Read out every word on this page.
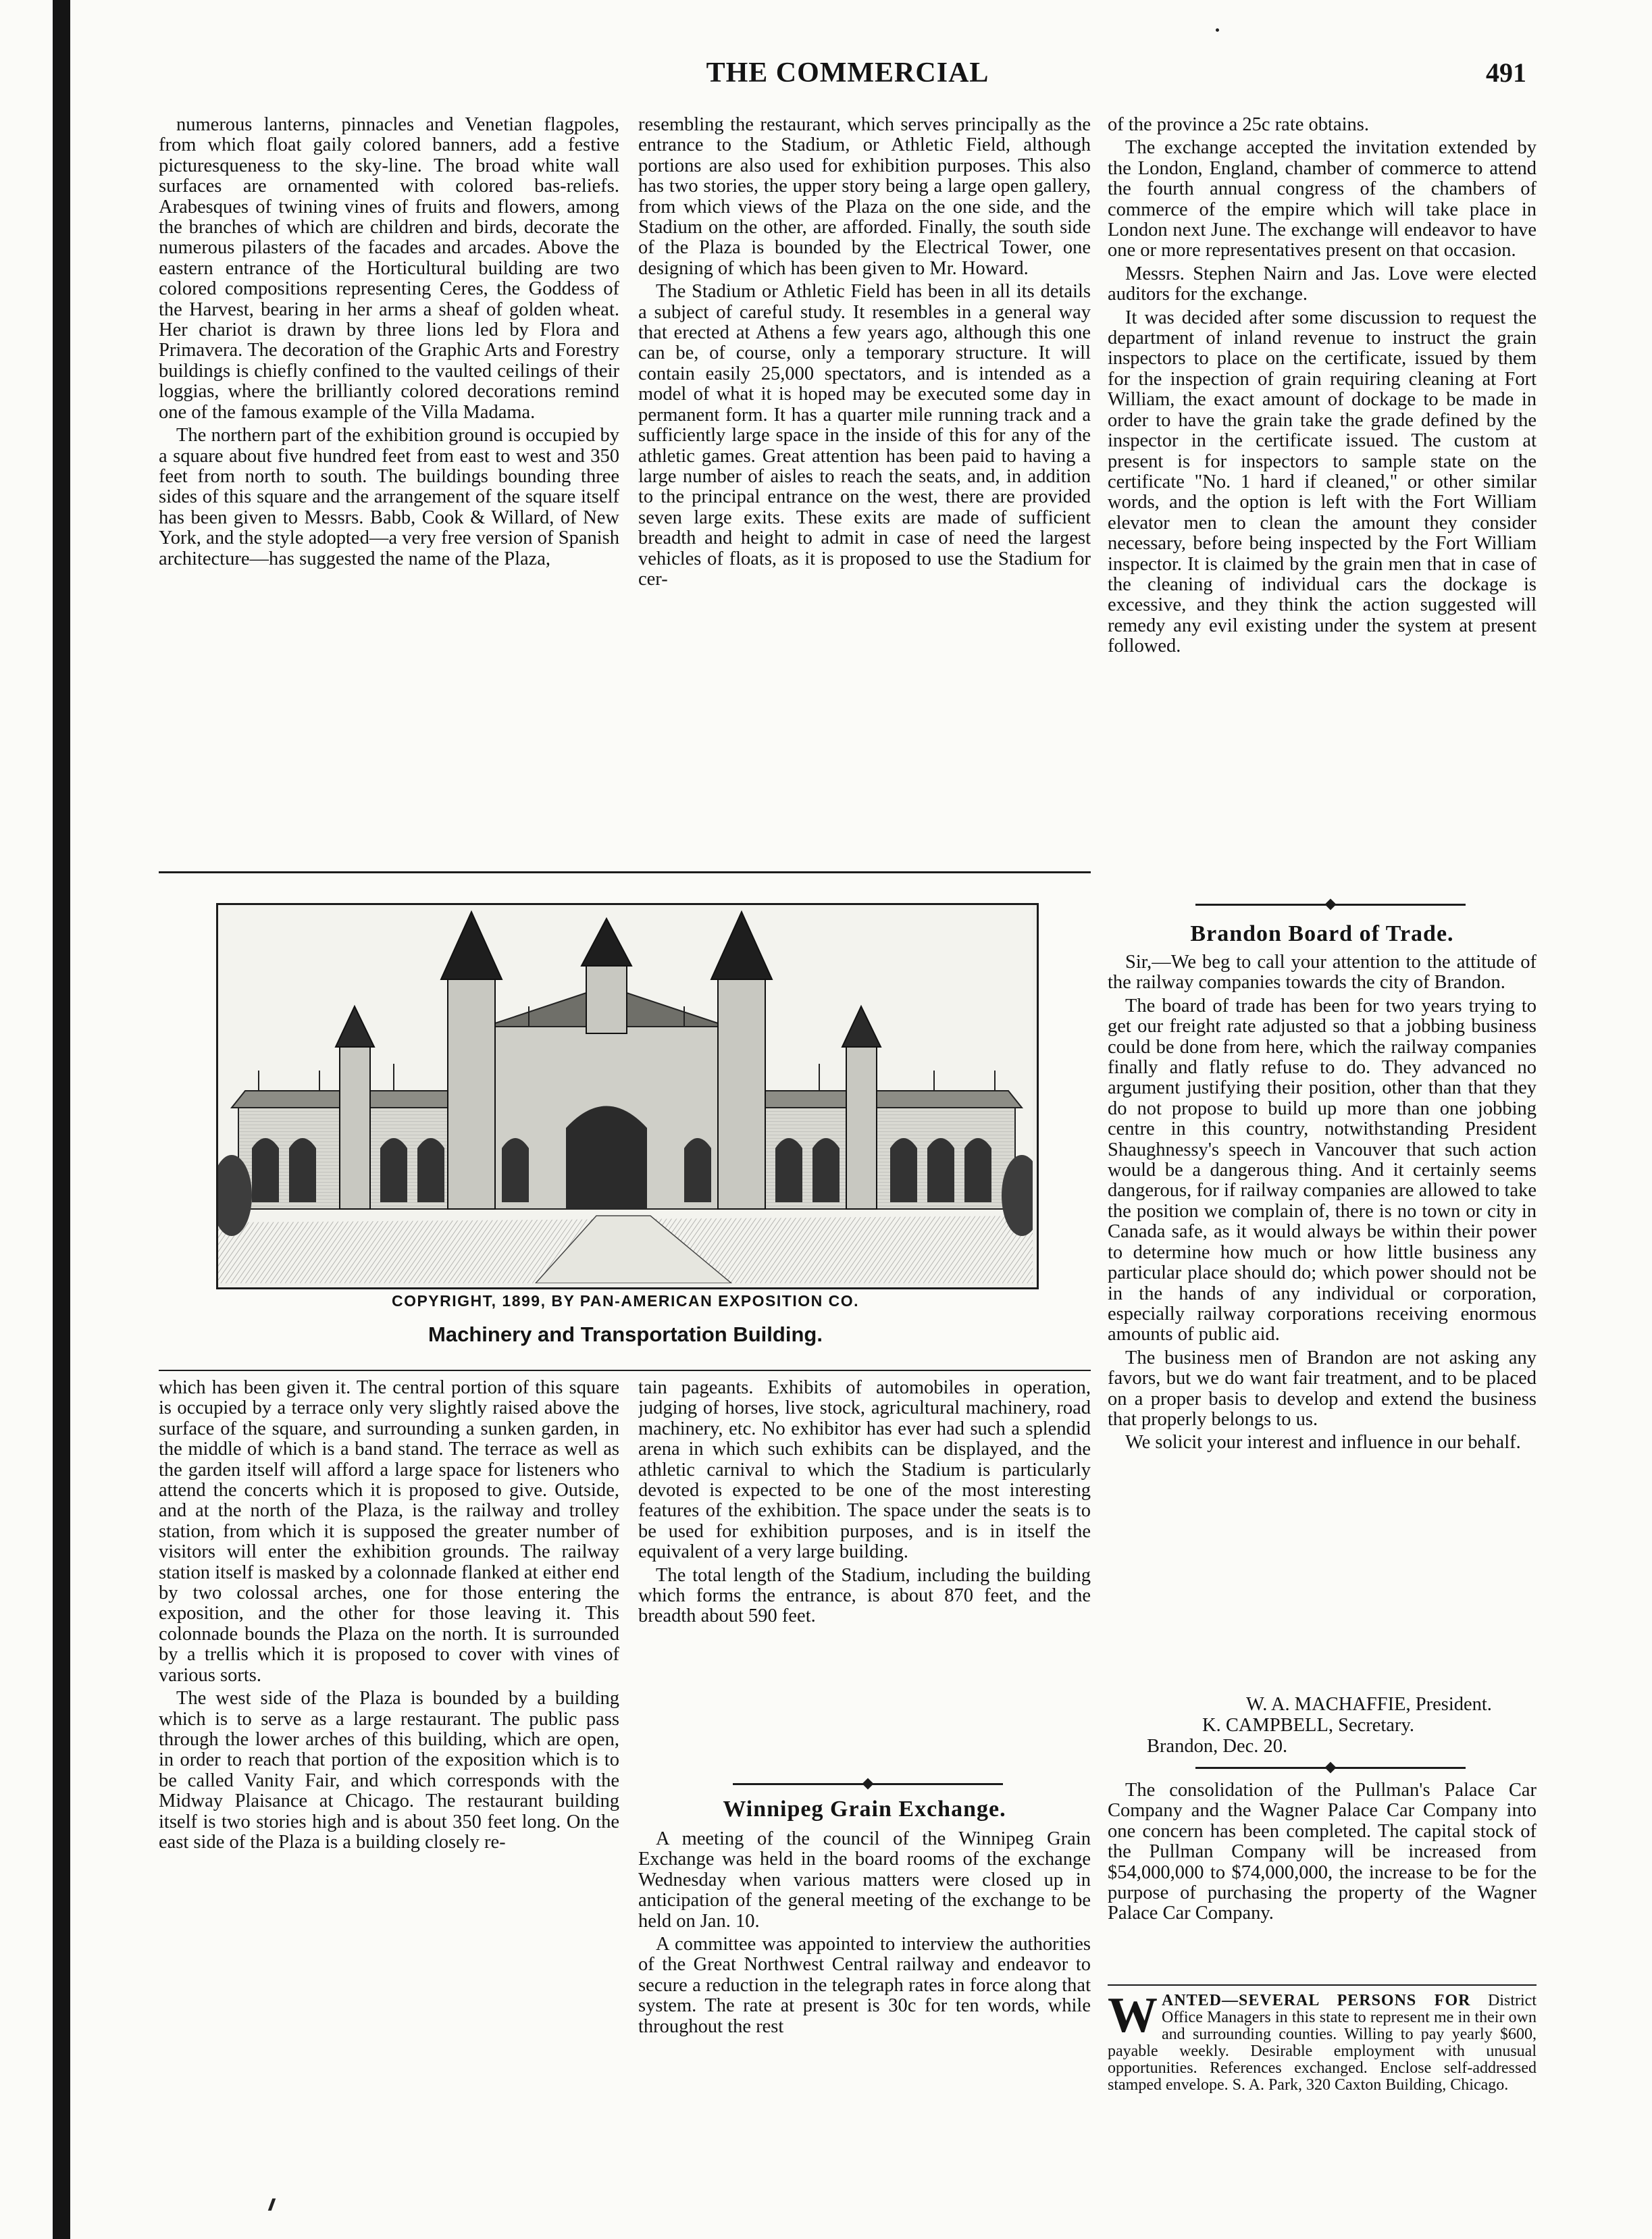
THE COMMERCIAL	491

numerous lanterns, pinnacles and Venetian flagpoles, from which float gaily colored banners, add a festive picturesqueness to the sky-line. The broad white wall surfaces are ornamented with colored bas-reliefs. Arabesques of twining vines of fruits and flowers, among the branches of which are children and birds, decorate the numerous pilasters of the facades and arcades. Above the eastern entrance of the Horticultural building are two colored compositions representing Ceres, the Goddess of the Harvest, bearing in her arms a sheaf of golden wheat. Her chariot is drawn by three lions led by Flora and Primavera. The decoration of the Graphic Arts and Forestry buildings is chiefly confined to the vaulted ceilings of their loggias, where the brilliantly colored decorations remind one of the famous example of the Villa Madama.

The northern part of the exhibition ground is occupied by a square about five hundred feet from east to west and 350 feet from north to south. The buildings bounding three sides of this square and the arrangement of the square itself has been given to Messrs. Babb, Cook & Willard, of New York, and the style adopted—a very free version of Spanish architecture—has suggested the name of the Plaza,

resembling the restaurant, which serves principally as the entrance to the Stadium, or Athletic Field, although portions are also used for exhibition purposes. This also has two stories, the upper story being a large open gallery, from which views of the Plaza on the one side, and the Stadium on the other, are afforded. Finally, the south side of the Plaza is bounded by the Electrical Tower, one designing of which has been given to Mr. Howard.

The Stadium or Athletic Field has been in all its details a subject of careful study. It resembles in a general way that erected at Athens a few years ago, although this one can be, of course, only a temporary structure. It will contain easily 25,000 spectators, and is intended as a model of what it is hoped may be executed some day in permanent form. It has a quarter mile running track and a sufficiently large space in the inside of this for any of the athletic games. Great attention has been paid to having a large number of aisles to reach the seats, and, in addition to the principal entrance on the west, there are provided seven large exits. These exits are made of sufficient breadth and height to admit in case of need the largest vehicles of floats, as it is proposed to use the Stadium for cer-

of the province a 25c rate obtains.

The exchange accepted the invitation extended by the London, England, chamber of commerce to attend the fourth annual congress of the chambers of commerce of the empire which will take place in London next June. The exchange will endeavor to have one or more representatives present on that occasion.

Messrs. Stephen Nairn and Jas. Love were elected auditors for the exchange.

It was decided after some discussion to request the department of inland revenue to instruct the grain inspectors to place on the certificate, issued by them for the inspection of grain requiring cleaning at Fort William, the exact amount of dockage to be made in order to have the grain take the grade defined by the inspector in the certificate issued. The custom at present is for inspectors to sample state on the certificate "No. 1 hard if cleaned," or other similar words, and the option is left with the Fort William elevator men to clean the amount they consider necessary, before being inspected by the Fort William inspector. It is claimed by the grain men that in case of the cleaning of individual cars the dockage is excessive, and they think the action suggested will remedy any evil existing under the system at present followed.

COPYRIGHT, 1899, BY PAN-AMERICAN EXPOSITION CO.
Machinery and Transportation Building.
Brandon Board of Trade.

Sir,—We beg to call your attention to the attitude of the railway companies towards the city of Brandon.

The board of trade has been for two years trying to get our freight rate adjusted so that a jobbing business could be done from here, which the railway companies finally and flatly refuse to do. They advanced no argument justifying their position, other than that they do not propose to build up more than one jobbing centre in this country, notwithstanding President Shaughnessy's speech in Vancouver that such action would be a dangerous thing. And it certainly seems dangerous, for if railway companies are allowed to take the position we complain of, there is no town or city in Canada safe, as it would always be within their power to determine how much or how little business any particular place should do; which power should not be in the hands of any individual or corporation, especially railway corporations receiving enormous amounts of public aid.

The business men of Brandon are not asking any favors, but we do want fair treatment, and to be placed on a proper basis to develop and extend the business that properly belongs to us.

We solicit your interest and influence in our behalf.

W. A. MACHAFFIE, President.
K. CAMPBELL, Secretary.
Brandon, Dec. 20.

which has been given it. The central portion of this square is occupied by a terrace only very slightly raised above the surface of the square, and surrounding a sunken garden, in the middle of which is a band stand. The terrace as well as the garden itself will afford a large space for listeners who attend the concerts which it is proposed to give. Outside, and at the north of the Plaza, is the railway and trolley station, from which it is supposed the greater number of visitors will enter the exhibition grounds. The railway station itself is masked by a colonnade flanked at either end by two colossal arches, one for those entering the exposition, and the other for those leaving it. This colonnade bounds the Plaza on the north. It is surrounded by a trellis which it is proposed to cover with vines of various sorts.

The west side of the Plaza is bounded by a building which is to serve as a large restaurant. The public pass through the lower arches of this building, which are open, in order to reach that portion of the exposition which is to be called Vanity Fair, and which corresponds with the Midway Plaisance at Chicago. The restaurant building itself is two stories high and is about 350 feet long. On the east side of the Plaza is a building closely re-

tain pageants. Exhibits of automobiles in operation, judging of horses, live stock, agricultural machinery, road machinery, etc. No exhibitor has ever had such a splendid arena in which such exhibits can be displayed, and the athletic carnival to which the Stadium is particularly devoted is expected to be one of the most interesting features of the exhibition. The space under the seats is to be used for exhibition purposes, and is in itself the equivalent of a very large building.

The total length of the Stadium, including the building which forms the entrance, is about 870 feet, and the breadth about 590 feet.

Winnipeg Grain Exchange.

A meeting of the council of the Winnipeg Grain Exchange was held in the board rooms of the exchange Wednesday when various matters were closed up in anticipation of the general meeting of the exchange to be held on Jan. 10.

A committee was appointed to interview the authorities of the Great Northwest Central railway and endeavor to secure a reduction in the telegraph rates in force along that system. The rate at present is 30c for ten words, while throughout the rest

The consolidation of the Pullman's Palace Car Company and the Wagner Palace Car Company into one concern has been completed. The capital stock of the Pullman Company will be increased from $54,000,000 to $74,000,000, the increase to be for the purpose of purchasing the property of the Wagner Palace Car Company.

W ANTED—SEVERAL PERSONS FOR District Office Managers in this state to represent me in their own and surrounding counties. Willing to pay yearly $600, payable weekly. Desirable employment with unusual opportunities. References exchanged. Enclose self-addressed stamped envelope. S. A. Park, 320 Caxton Building, Chicago.
